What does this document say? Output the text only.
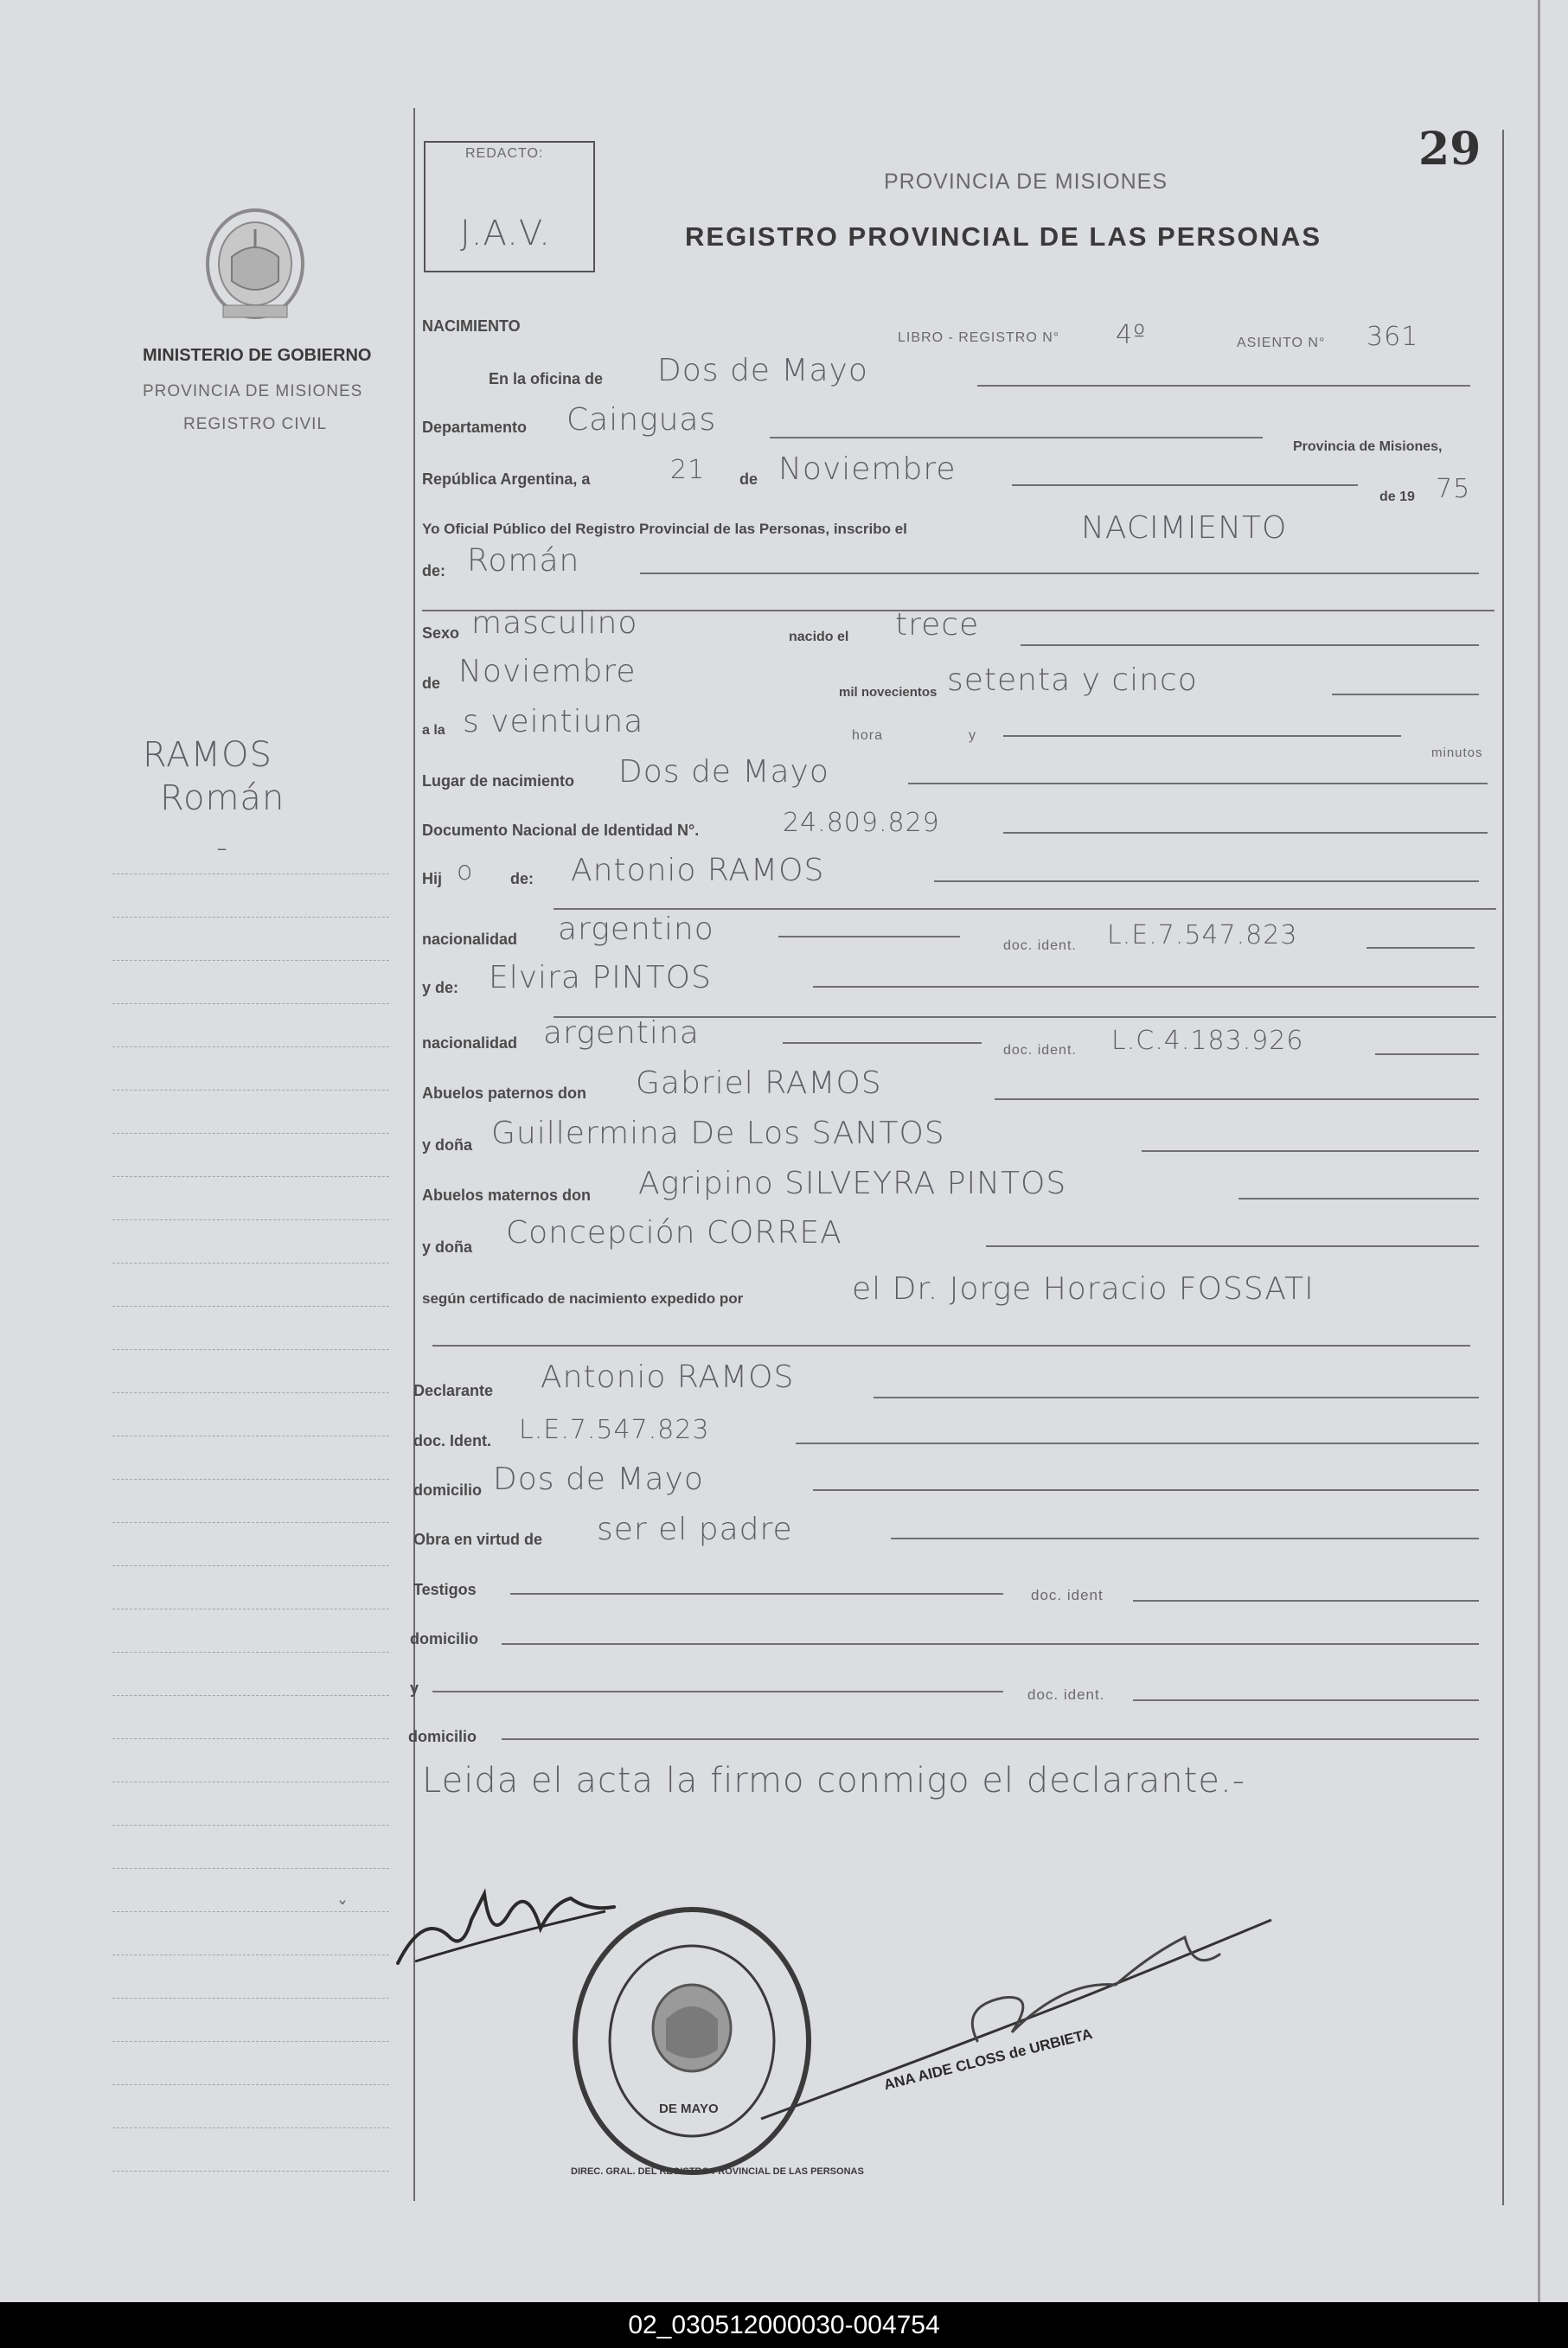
REDACTO:
J.A.V.
29
PROVINCIA DE MISIONES
REGISTRO PROVINCIAL DE LAS PERSONAS
MINISTERIO DE GOBIERNO
PROVINCIA DE MISIONES
REGISTRO CIVIL
RAMOS
Román
-
NACIMIENTO
LIBRO - REGISTRO N° 4º	ASIENTO N° 361
En la oficina de Dos de Mayo
Departamento Cainguas
Provincia de Misiones,
República Argentina, a	21 de Noviembre
de 19 75
Yo Oficial Público del Registro Provincial de las Personas, inscribo el	NACIMIENTO
de: Román
Sexo masculino	nacido el trece
de Noviembre
mil novecientos setenta y cinco
a la s veintiuna	hora	y
minutos
Lugar de nacimiento Dos de Mayo
Documento Nacional de Identidad N°.	24.809.829
Hij o de: Antonio RAMOS
nacionalidad argentino	doc. ident. L.E.7.547.823
y de: Elvira PINTOS
nacionalidad argentina	doc. ident. L.C.4.183.926
Abuelos paternos don Gabriel RAMOS
y doña Guillermina De Los SANTOS
Abuelos maternos don Agripino SILVEYRA PINTOS
y doña Concepción CORREA
según certificado de nacimiento expedido por	el Dr. Jorge Horacio FOSSATI
Declarante Antonio RAMOS
doc. Ident. L.E.7.547.823
domicilio Dos de Mayo
Obra en virtud de ser el padre
Testigos	doc. ident
domicilio
y	doc. ident.
domicilio
Leida el acta la firmo conmigo el declarante.-
DIREC. GRAL. DEL REGISTRO PROVINCIAL DE LAS PERSONAS
DE MAYO
ANA AIDE CLOSS de URBIETA
ˇ
02_030512000030-004754
